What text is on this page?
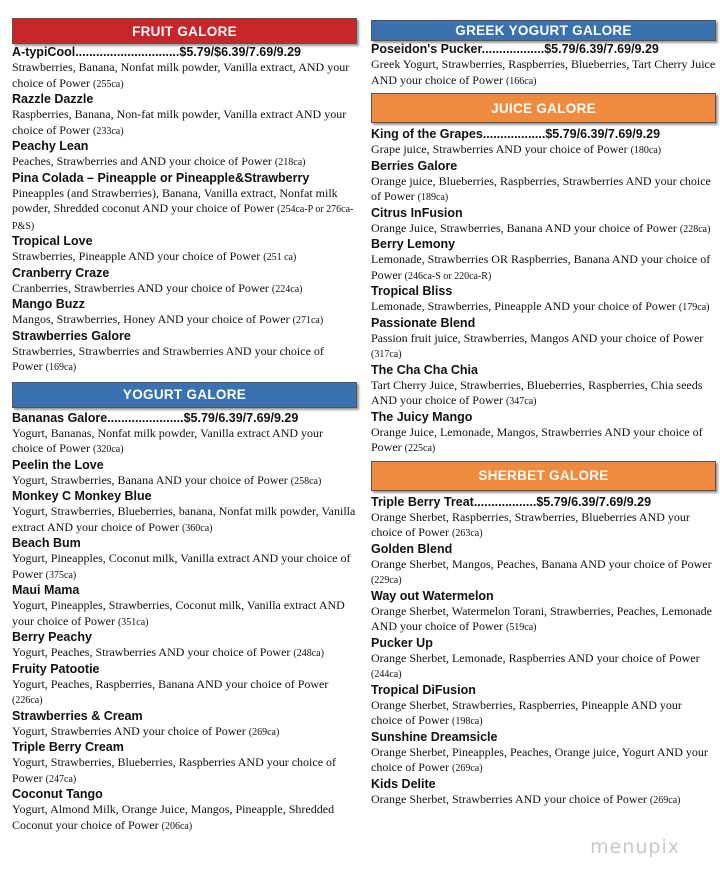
FRUIT GALORE
A-typiCool..............................$5.79/$6.39/7.69/9.29
Strawberries, Banana, Nonfat milk powder, Vanilla extract, AND your choice of Power (255ca)
Razzle Dazzle
Raspberries, Banana, Non-fat milk powder, Vanilla extract AND your choice of Power (233ca)
Peachy Lean
Peaches, Strawberries and AND your choice of Power (218ca)
Pina Colada – Pineapple or Pineapple&Strawberry
Pineapples (and Strawberries), Banana, Vanilla extract, Nonfat milk powder, Shredded coconut AND your choice of Power (254ca-P or 276ca-P&S)
Tropical Love
Strawberries, Pineapple AND your choice of Power (251 ca)
Cranberry Craze
Cranberries, Strawberries AND your choice of Power (224ca)
Mango Buzz
Mangos, Strawberries, Honey AND your choice of Power (271ca)
Strawberries Galore
Strawberries, Strawberries and Strawberries AND your choice of Power (169ca)
YOGURT GALORE
Bananas Galore......................$5.79/6.39/7.69/9.29
Yogurt, Bananas, Nonfat milk powder, Vanilla extract AND your choice of Power (320ca)
Peelin the Love
Yogurt, Strawberries, Banana AND your choice of Power (258ca)
Monkey C Monkey Blue
Yogurt, Strawberries, Blueberries, banana, Nonfat milk powder, Vanilla extract AND your choice of Power (360ca)
Beach Bum
Yogurt, Pineapples, Coconut milk, Vanilla extract AND your choice of Power (375ca)
Maui Mama
Yogurt, Pineapples, Strawberries, Coconut milk, Vanilla extract AND your choice of Power (351ca)
Berry Peachy
Yogurt, Peaches, Strawberries AND your choice of Power (248ca)
Fruity Patootie
Yogurt, Peaches, Raspberries, Banana AND your choice of Power (226ca)
Strawberries & Cream
Yogurt, Strawberries AND your choice of Power (269ca)
Triple Berry Cream
Yogurt, Strawberries, Blueberries, Raspberries AND your choice of Power (247ca)
Coconut Tango
Yogurt, Almond Milk, Orange Juice, Mangos, Pineapple, Shredded Coconut your choice of Power (206ca)
GREEK YOGURT GALORE
Poseidon's Pucker..................$5.79/6.39/7.69/9.29
Greek Yogurt, Strawberries, Raspberries, Blueberries, Tart Cherry Juice AND your choice of Power (166ca)
JUICE GALORE
King of the Grapes..................$5.79/6.39/7.69/9.29
Grape juice, Strawberries AND your choice of Power (180ca)
Berries Galore
Orange juice, Blueberries, Raspberries, Strawberries AND your choice of Power (189ca)
Citrus InFusion
Orange Juice, Strawberries, Banana AND your choice of Power (228ca)
Berry Lemony
Lemonade, Strawberries OR Raspberries, Banana AND your choice of Power (246ca-S or 220ca-R)
Tropical Bliss
Lemonade, Strawberries, Pineapple AND your choice of Power (179ca)
Passionate Blend
Passion fruit juice, Strawberries, Mangos AND your choice of Power (317ca)
The Cha Cha Chia
Tart Cherry Juice, Strawberries, Blueberries, Raspberries, Chia seeds AND your choice of Power (347ca)
The Juicy Mango
Orange Juice, Lemonade, Mangos, Strawberries AND your choice of Power (225ca)
SHERBET GALORE
Triple Berry Treat..................$5.79/6.39/7.69/9.29
Orange Sherbet, Raspberries, Strawberries, Blueberries AND your choice of Power (263ca)
Golden Blend
Orange Sherbet, Mangos, Peaches, Banana AND your choice of Power (229ca)
Way out Watermelon
Orange Sherbet, Watermelon Torani, Strawberries, Peaches, Lemonade AND your choice of Power (519ca)
Pucker Up
Orange Sherbet, Lemonade, Raspberries AND your choice of Power (244ca)
Tropical DiFusion
Orange Sherbet, Strawberries, Raspberries, Pineapple AND your choice of Power (198ca)
Sunshine Dreamsicle
Orange Sherbet, Pineapples, Peaches, Orange juice, Yogurt AND your choice of Power (269ca)
Kids Delite
Orange Sherbet, Strawberries AND your choice of Power (269ca)
menupix
